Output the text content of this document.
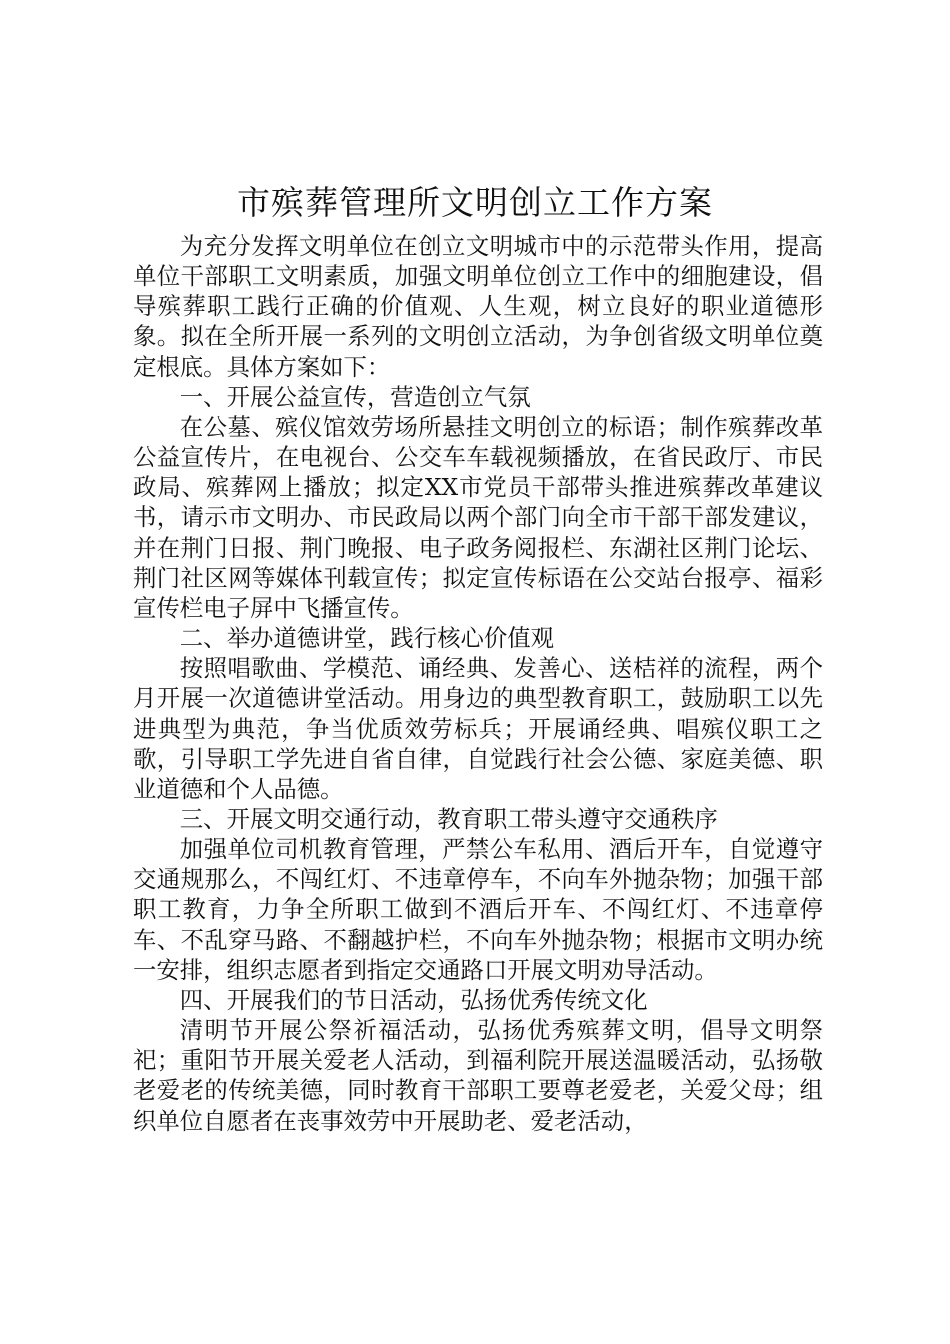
市殡葬管理所文明创立工作方案

为充分发挥文明单位在创立文明城市中的示范带头作用，提高单位干部职工文明素质，加强文明单位创立工作中的细胞建设，倡导殡葬职工践行正确的价值观、人生观，树立良好的职业道德形象。拟在全所开展一系列的文明创立活动，为争创省级文明单位奠定根底。具体方案如下：

一、开展公益宣传，营造创立气氛

在公墓、殡仪馆效劳场所悬挂文明创立的标语；制作殡葬改革公益宣传片，在电视台、公交车车载视频播放，在省民政厅、市民政局、殡葬网上播放；拟定XX市党员干部带头推进殡葬改革建议书，请示市文明办、市民政局以两个部门向全市干部干部发建议，并在荆门日报、荆门晚报、电子政务阅报栏、东湖社区荆门论坛、荆门社区网等媒体刊载宣传；拟定宣传标语在公交站台报亭、福彩宣传栏电子屏中飞播宣传。

二、举办道德讲堂，践行核心价值观

按照唱歌曲、学模范、诵经典、发善心、送桔祥的流程，两个月开展一次道德讲堂活动。用身边的典型教育职工，鼓励职工以先进典型为典范，争当优质效劳标兵；开展诵经典、唱殡仪职工之歌，引导职工学先进自省自律，自觉践行社会公德、家庭美德、职业道德和个人品德。

三、开展文明交通行动，教育职工带头遵守交通秩序

加强单位司机教育管理，严禁公车私用、酒后开车，自觉遵守交通规那么，不闯红灯、不违章停车，不向车外抛杂物；加强干部职工教育，力争全所职工做到不酒后开车、不闯红灯、不违章停车、不乱穿马路、不翻越护栏，不向车外抛杂物；根据市文明办统一安排，组织志愿者到指定交通路口开展文明劝导活动。

四、开展我们的节日活动，弘扬优秀传统文化

清明节开展公祭祈福活动，弘扬优秀殡葬文明，倡导文明祭祀；重阳节开展关爱老人活动，到福利院开展送温暖活动，弘扬敬老爱老的传统美德，同时教育干部职工要尊老爱老，关爱父母；组织单位自愿者在丧事效劳中开展助老、爱老活动，
